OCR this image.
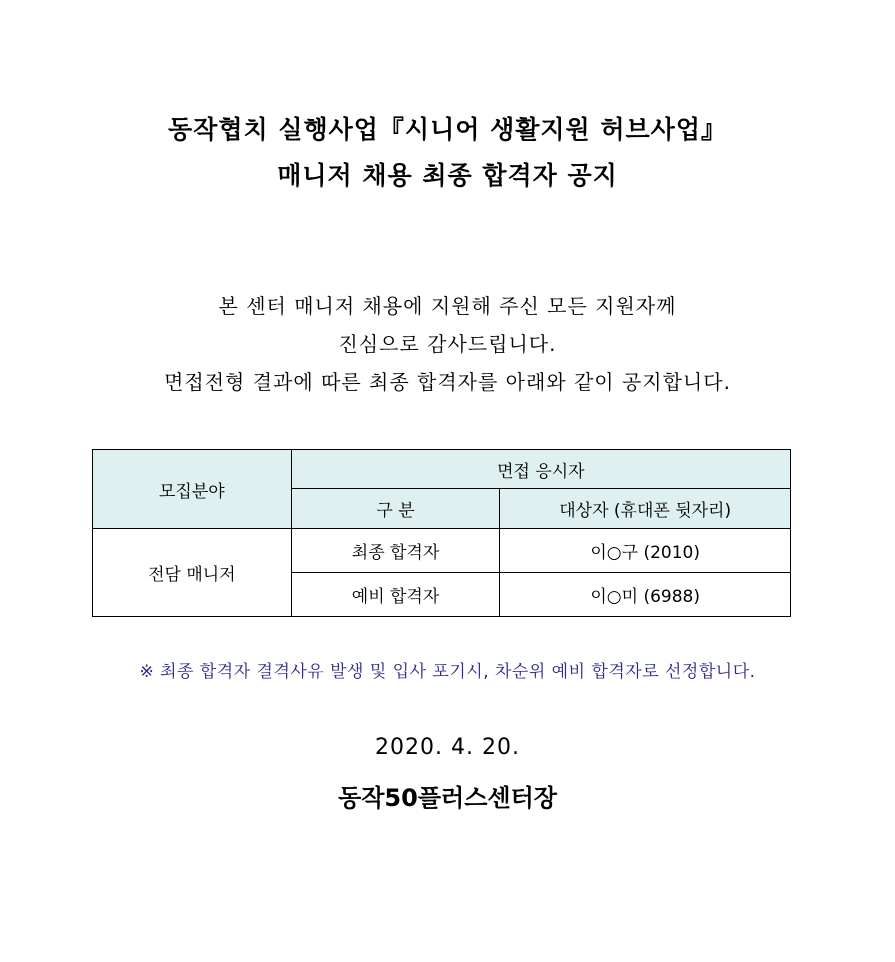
동작협치 실행사업『시니어 생활지원 허브사업』
매니저 채용 최종 합격자 공지
본 센터 매니저 채용에 지원해 주신 모든 지원자께
진심으로 감사드립니다.
면접전형 결과에 따른 최종 합격자를 아래와 같이 공지합니다.
모집분야	면접 응시자	
	구 분	대상자 (휴대폰 뒷자리)
전담 매니저	최종 합격자	이○구 (2010)
	예비 합격자	이○미 (6988)
※ 최종 합격자 결격사유 발생 및 입사 포기시, 차순위 예비 합격자로 선정합니다.
2020. 4. 20.
동작50플러스센터장
